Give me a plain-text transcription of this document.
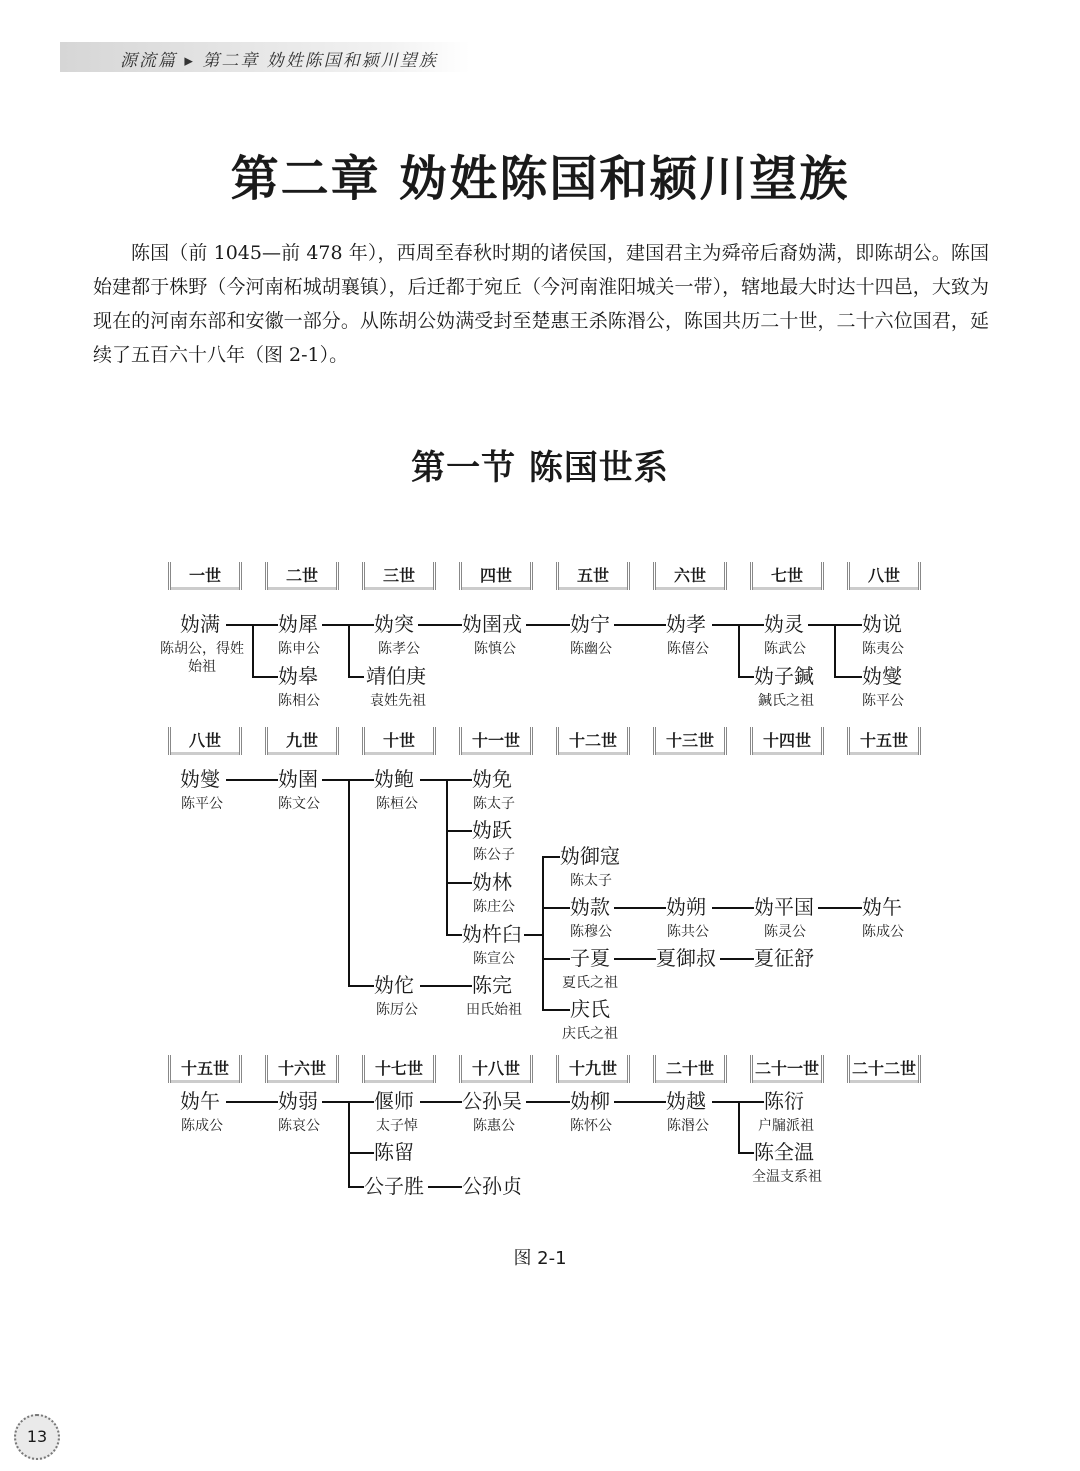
源流篇 ▸ 第二章 妫姓陈国和颍川望族
第二章 妫姓陈国和颍川望族
陈国（前 1045—前 478 年），西周至春秋时期的诸侯国，建国君主为舜帝后裔妫满，即陈胡公。陈国始建都于株野（今河南柘城胡襄镇），后迁都于宛丘（今河南淮阳城关一带），辖地最大时达十四邑，大致为现在的河南东部和安徽一部分。从陈胡公妫满受封至楚惠王杀陈湣公，陈国共历二十世，二十六位国君，延续了五百六十八年（图 2-1）。
第一节 陈国世系
一世	二世	三世	四世	五世	六世	七世	八世
妫满
陈胡公，得姓始祖
妫犀
陈申公
妫皋
陈相公
妫突
陈孝公
靖伯庚
袁姓先祖
妫圉戎
陈慎公
妫宁
陈幽公
妫孝
陈僖公
妫灵
陈武公
妫子鍼
鍼氏之祖
妫说
陈夷公
妫燮
陈平公
八世	九世	十世	十一世	十二世	十三世	十四世	十五世
妫燮
陈平公
妫圉
陈文公
妫鲍
陈桓公
妫佗
陈厉公
妫免
陈太子
妫跃
陈公子
妫林
陈庄公
妫杵臼
陈宣公
陈完
田氏始祖
妫御寇
陈太子
妫款
陈穆公
子夏
夏氏之祖
庆氏
庆氏之祖
妫朔
陈共公
夏御叔
妫平国
陈灵公
夏征舒
妫午
陈成公
十五世	十六世	十七世	十八世	十九世	二十世	二十一世	二十二世
妫午
陈成公
妫弱
陈哀公
偃师
太子悼
陈留
公子胜
公孙吴
陈惠公
公孙贞
妫柳
陈怀公
妫越
陈湣公
陈衍
户牖派祖
陈全温
全温支系祖
图 2-1
13
